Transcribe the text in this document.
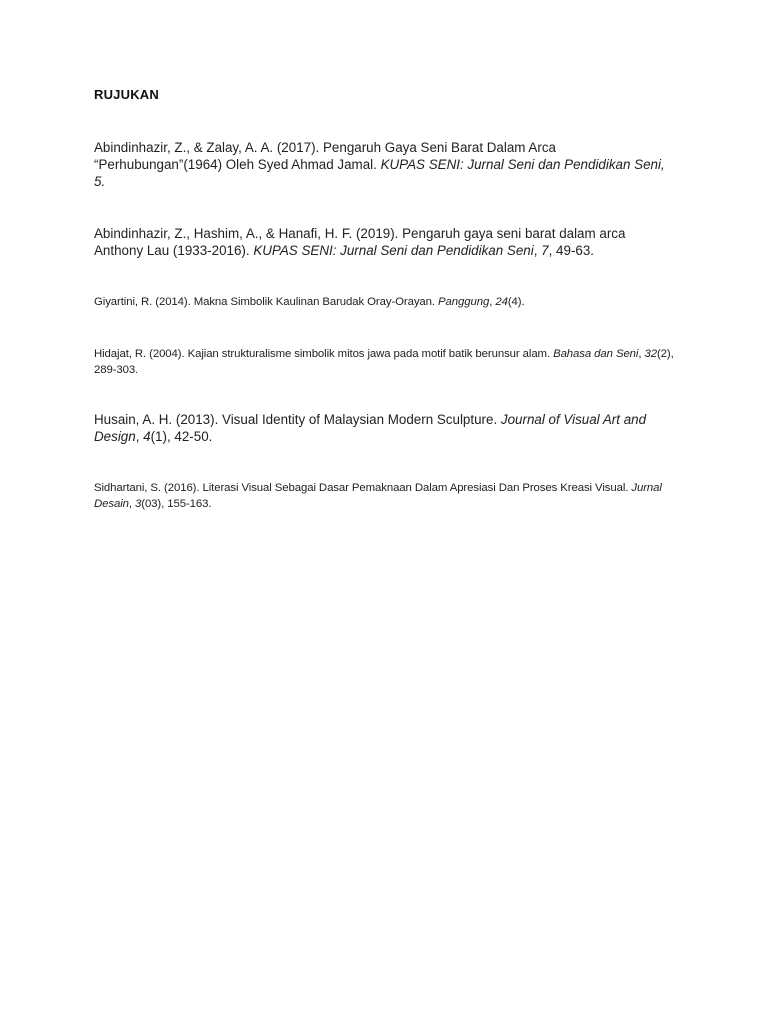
RUJUKAN

Abindinhazir, Z., & Zalay, A. A. (2017). Pengaruh Gaya Seni Barat Dalam Arca “Perhubungan”(1964) Oleh Syed Ahmad Jamal. KUPAS SENI: Jurnal Seni dan Pendidikan Seni, 5.

Abindinhazir, Z., Hashim, A., & Hanafi, H. F. (2019). Pengaruh gaya seni barat dalam arca Anthony Lau (1933-2016). KUPAS SENI: Jurnal Seni dan Pendidikan Seni, 7, 49-63.

Giyartini, R. (2014). Makna Simbolik Kaulinan Barudak Oray-Orayan. Panggung, 24(4).

Hidajat, R. (2004). Kajian strukturalisme simbolik mitos jawa pada motif batik berunsur alam. Bahasa dan Seni, 32(2), 289-303.

Husain, A. H. (2013). Visual Identity of Malaysian Modern Sculpture. Journal of Visual Art and Design, 4(1), 42-50.

Sidhartani, S. (2016). Literasi Visual Sebagai Dasar Pemaknaan Dalam Apresiasi Dan Proses Kreasi Visual. Jurnal Desain, 3(03), 155-163.
